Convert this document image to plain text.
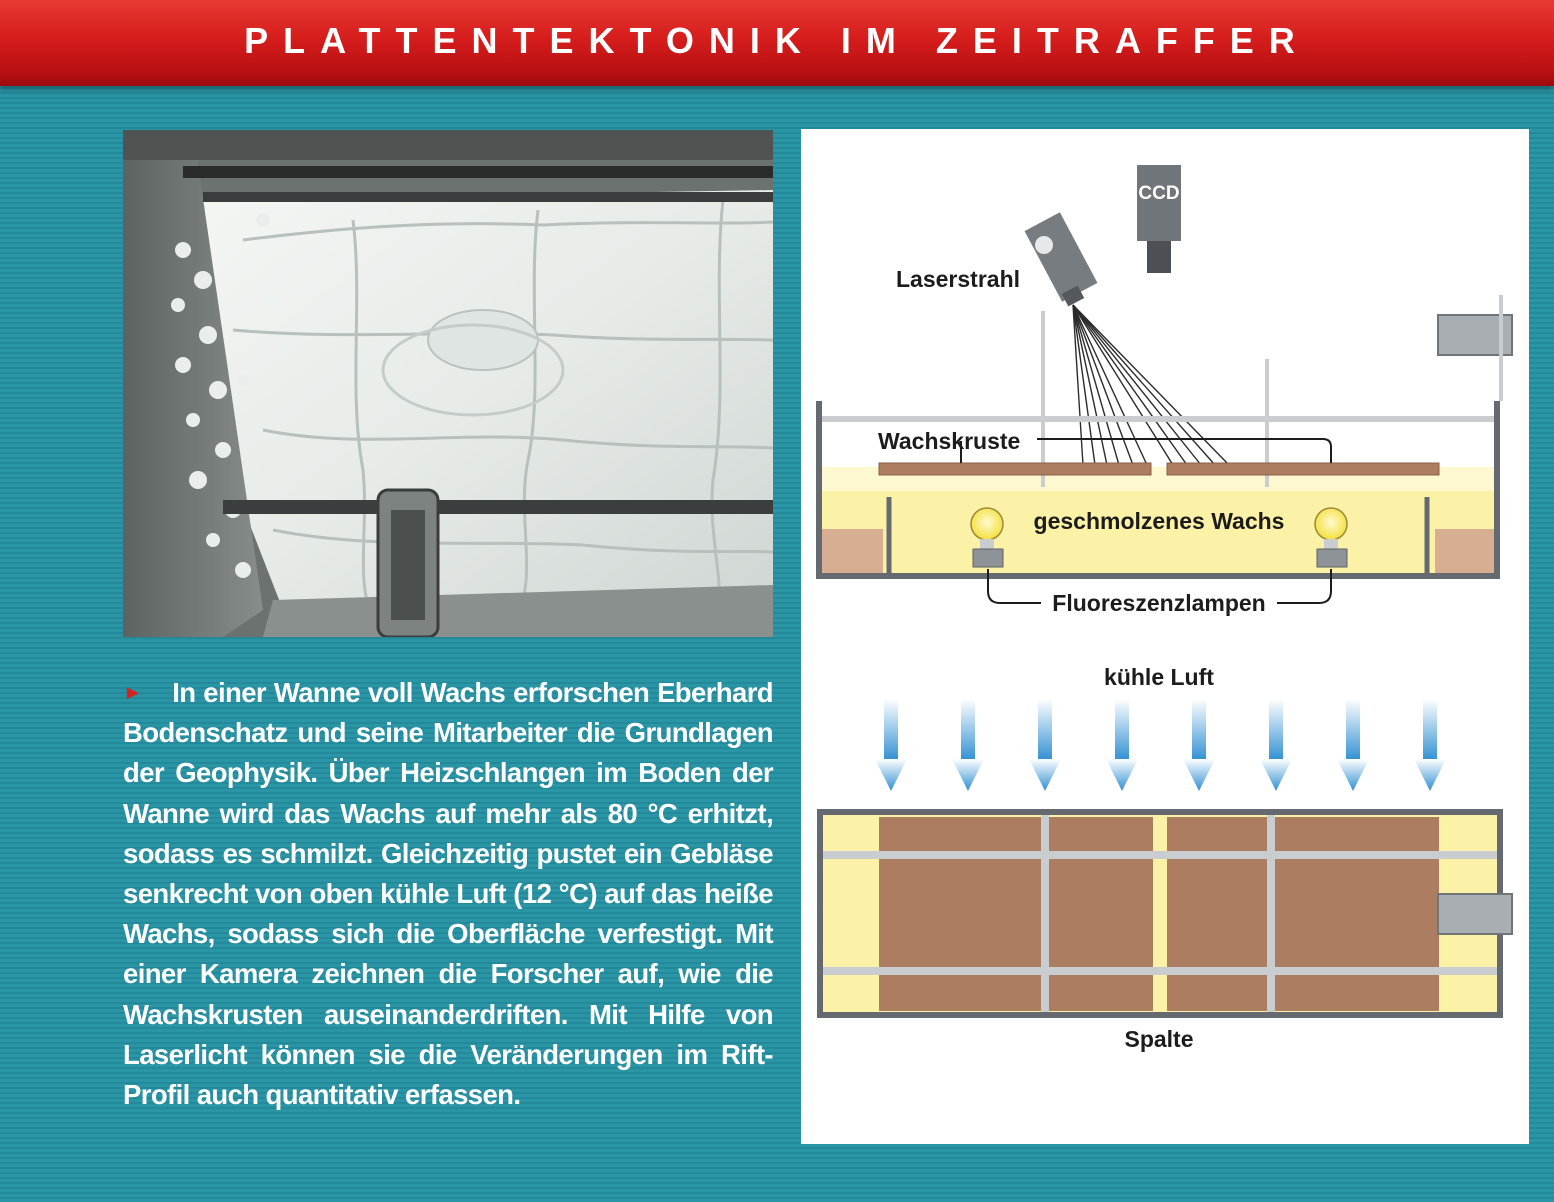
PLATTENTEKTONIK IM ZEITRAFFER
► In einer Wanne voll Wachs erforschen Eberhard Bodenschatz und seine Mitarbeiter die Grundlagen der Geophysik. Über Heizschlangen im Boden der Wanne wird das Wachs auf mehr als 80 °C erhitzt, sodass es schmilzt. Gleichzeitig pustet ein Gebläse senkrecht von oben kühle Luft (12 °C) auf das heiße Wachs, sodass sich die Oberfläche verfestigt. Mit einer Kamera zeichnen die Forscher auf, wie die Wachskrusten auseinanderdriften. Mit Hilfe von Laserlicht können sie die Veränderungen im Rift-Profil auch quantitativ erfassen.
CCD
Laserstrahl
Wachskruste
geschmolzenes Wachs
Fluoreszenzlampen
kühle Luft
Spalte
